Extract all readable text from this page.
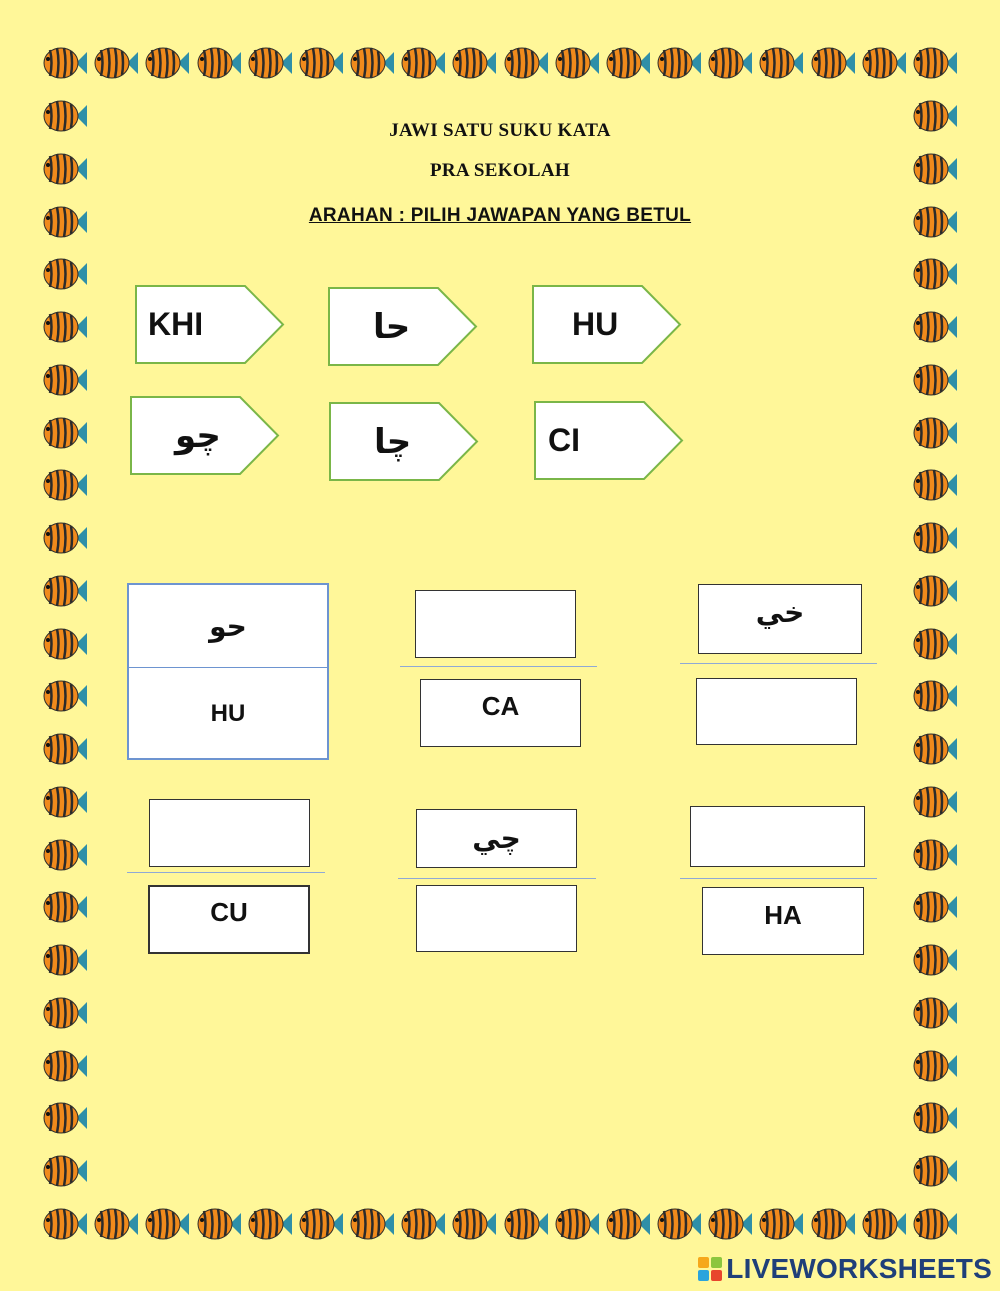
JAWI SATU SUKU KATA
PRA SEKOLAH
ARAHAN : PILIH JAWAPAN YANG BETUL
KHI	حا	HU
چو	چا	CI
حو
HU	CA
خي
CU
چي
HA
LIVEWORKSHEETS
